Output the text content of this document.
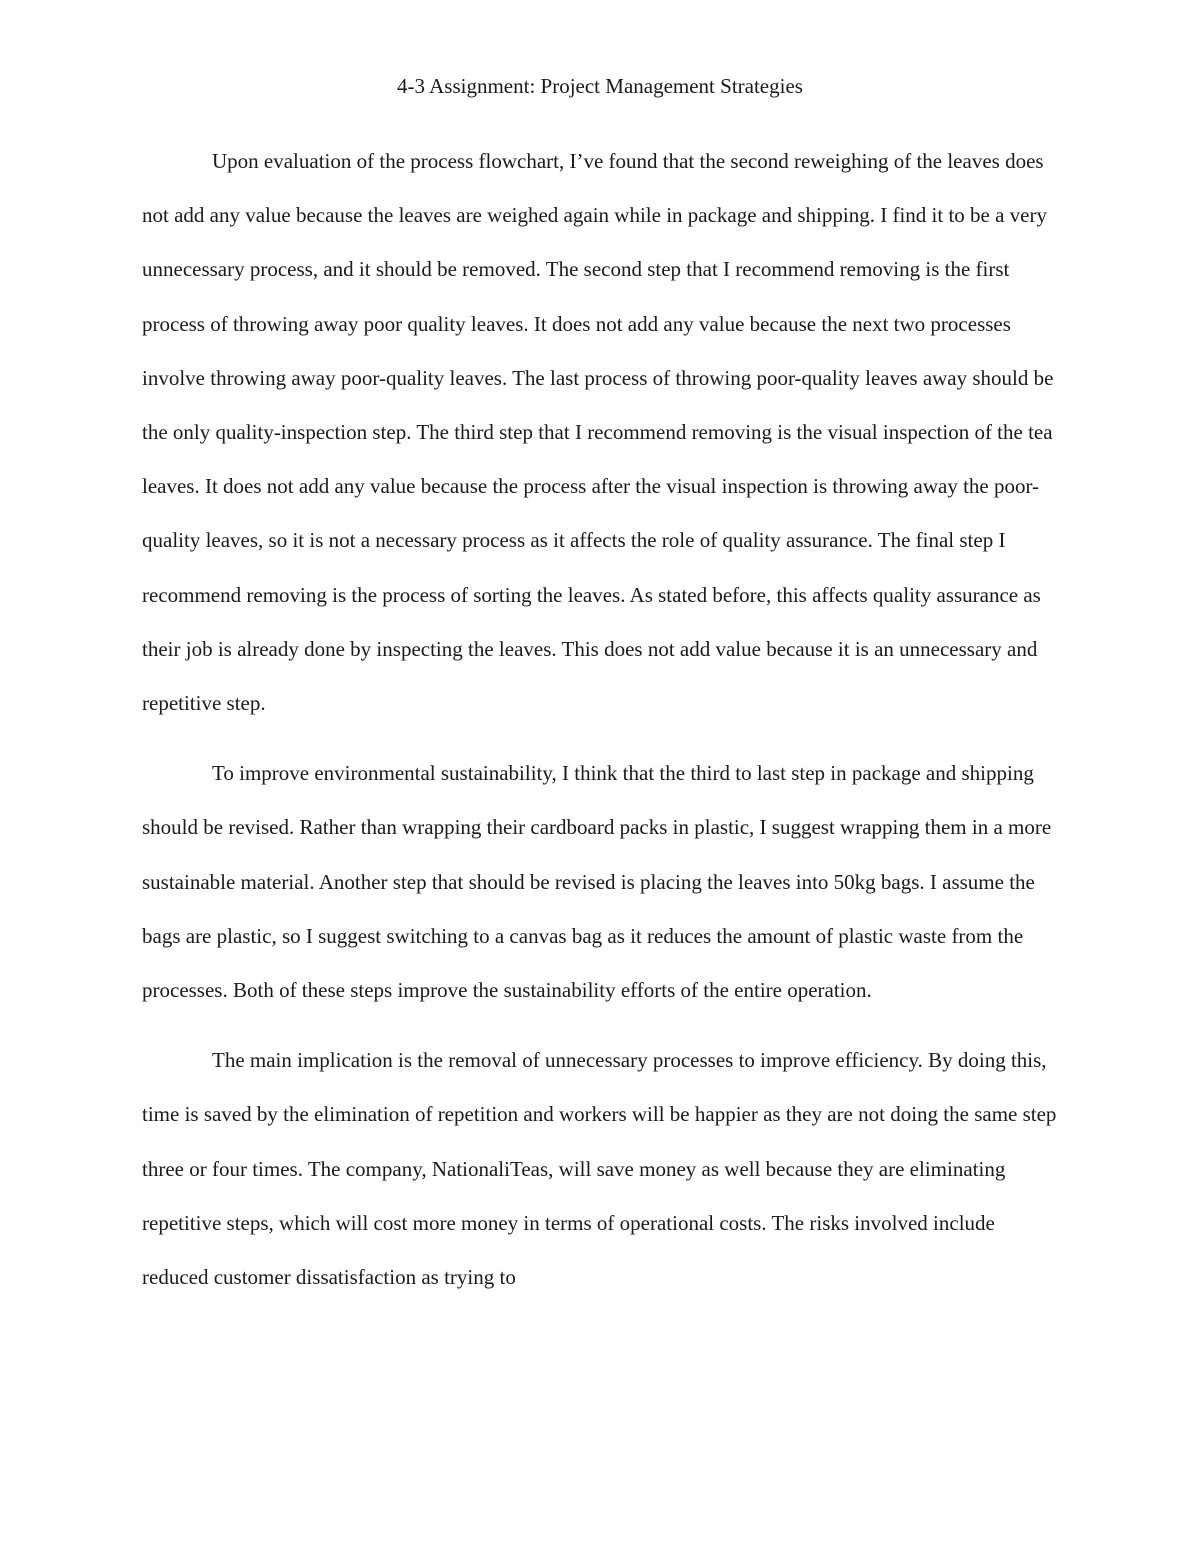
4-3 Assignment: Project Management Strategies

Upon evaluation of the process flowchart, I’ve found that the second reweighing of the leaves does not add any value because the leaves are weighed again while in package and shipping. I find it to be a very unnecessary process, and it should be removed. The second step that I recommend removing is the first process of throwing away poor quality leaves. It does not add any value because the next two processes involve throwing away poor-quality leaves. The last process of throwing poor-quality leaves away should be the only quality-inspection step. The third step that I recommend removing is the visual inspection of the tea leaves. It does not add any value because the process after the visual inspection is throwing away the poor-quality leaves, so it is not a necessary process as it affects the role of quality assurance. The final step I recommend removing is the process of sorting the leaves. As stated before, this affects quality assurance as their job is already done by inspecting the leaves. This does not add value because it is an unnecessary and repetitive step.

To improve environmental sustainability, I think that the third to last step in package and shipping should be revised. Rather than wrapping their cardboard packs in plastic, I suggest wrapping them in a more sustainable material. Another step that should be revised is placing the leaves into 50kg bags. I assume the bags are plastic, so I suggest switching to a canvas bag as it reduces the amount of plastic waste from the processes. Both of these steps improve the sustainability efforts of the entire operation.

The main implication is the removal of unnecessary processes to improve efficiency. By doing this, time is saved by the elimination of repetition and workers will be happier as they are not doing the same step three or four times. The company, NationaliTeas, will save money as well because they are eliminating repetitive steps, which will cost more money in terms of operational costs. The risks involved include reduced customer dissatisfaction as trying to
